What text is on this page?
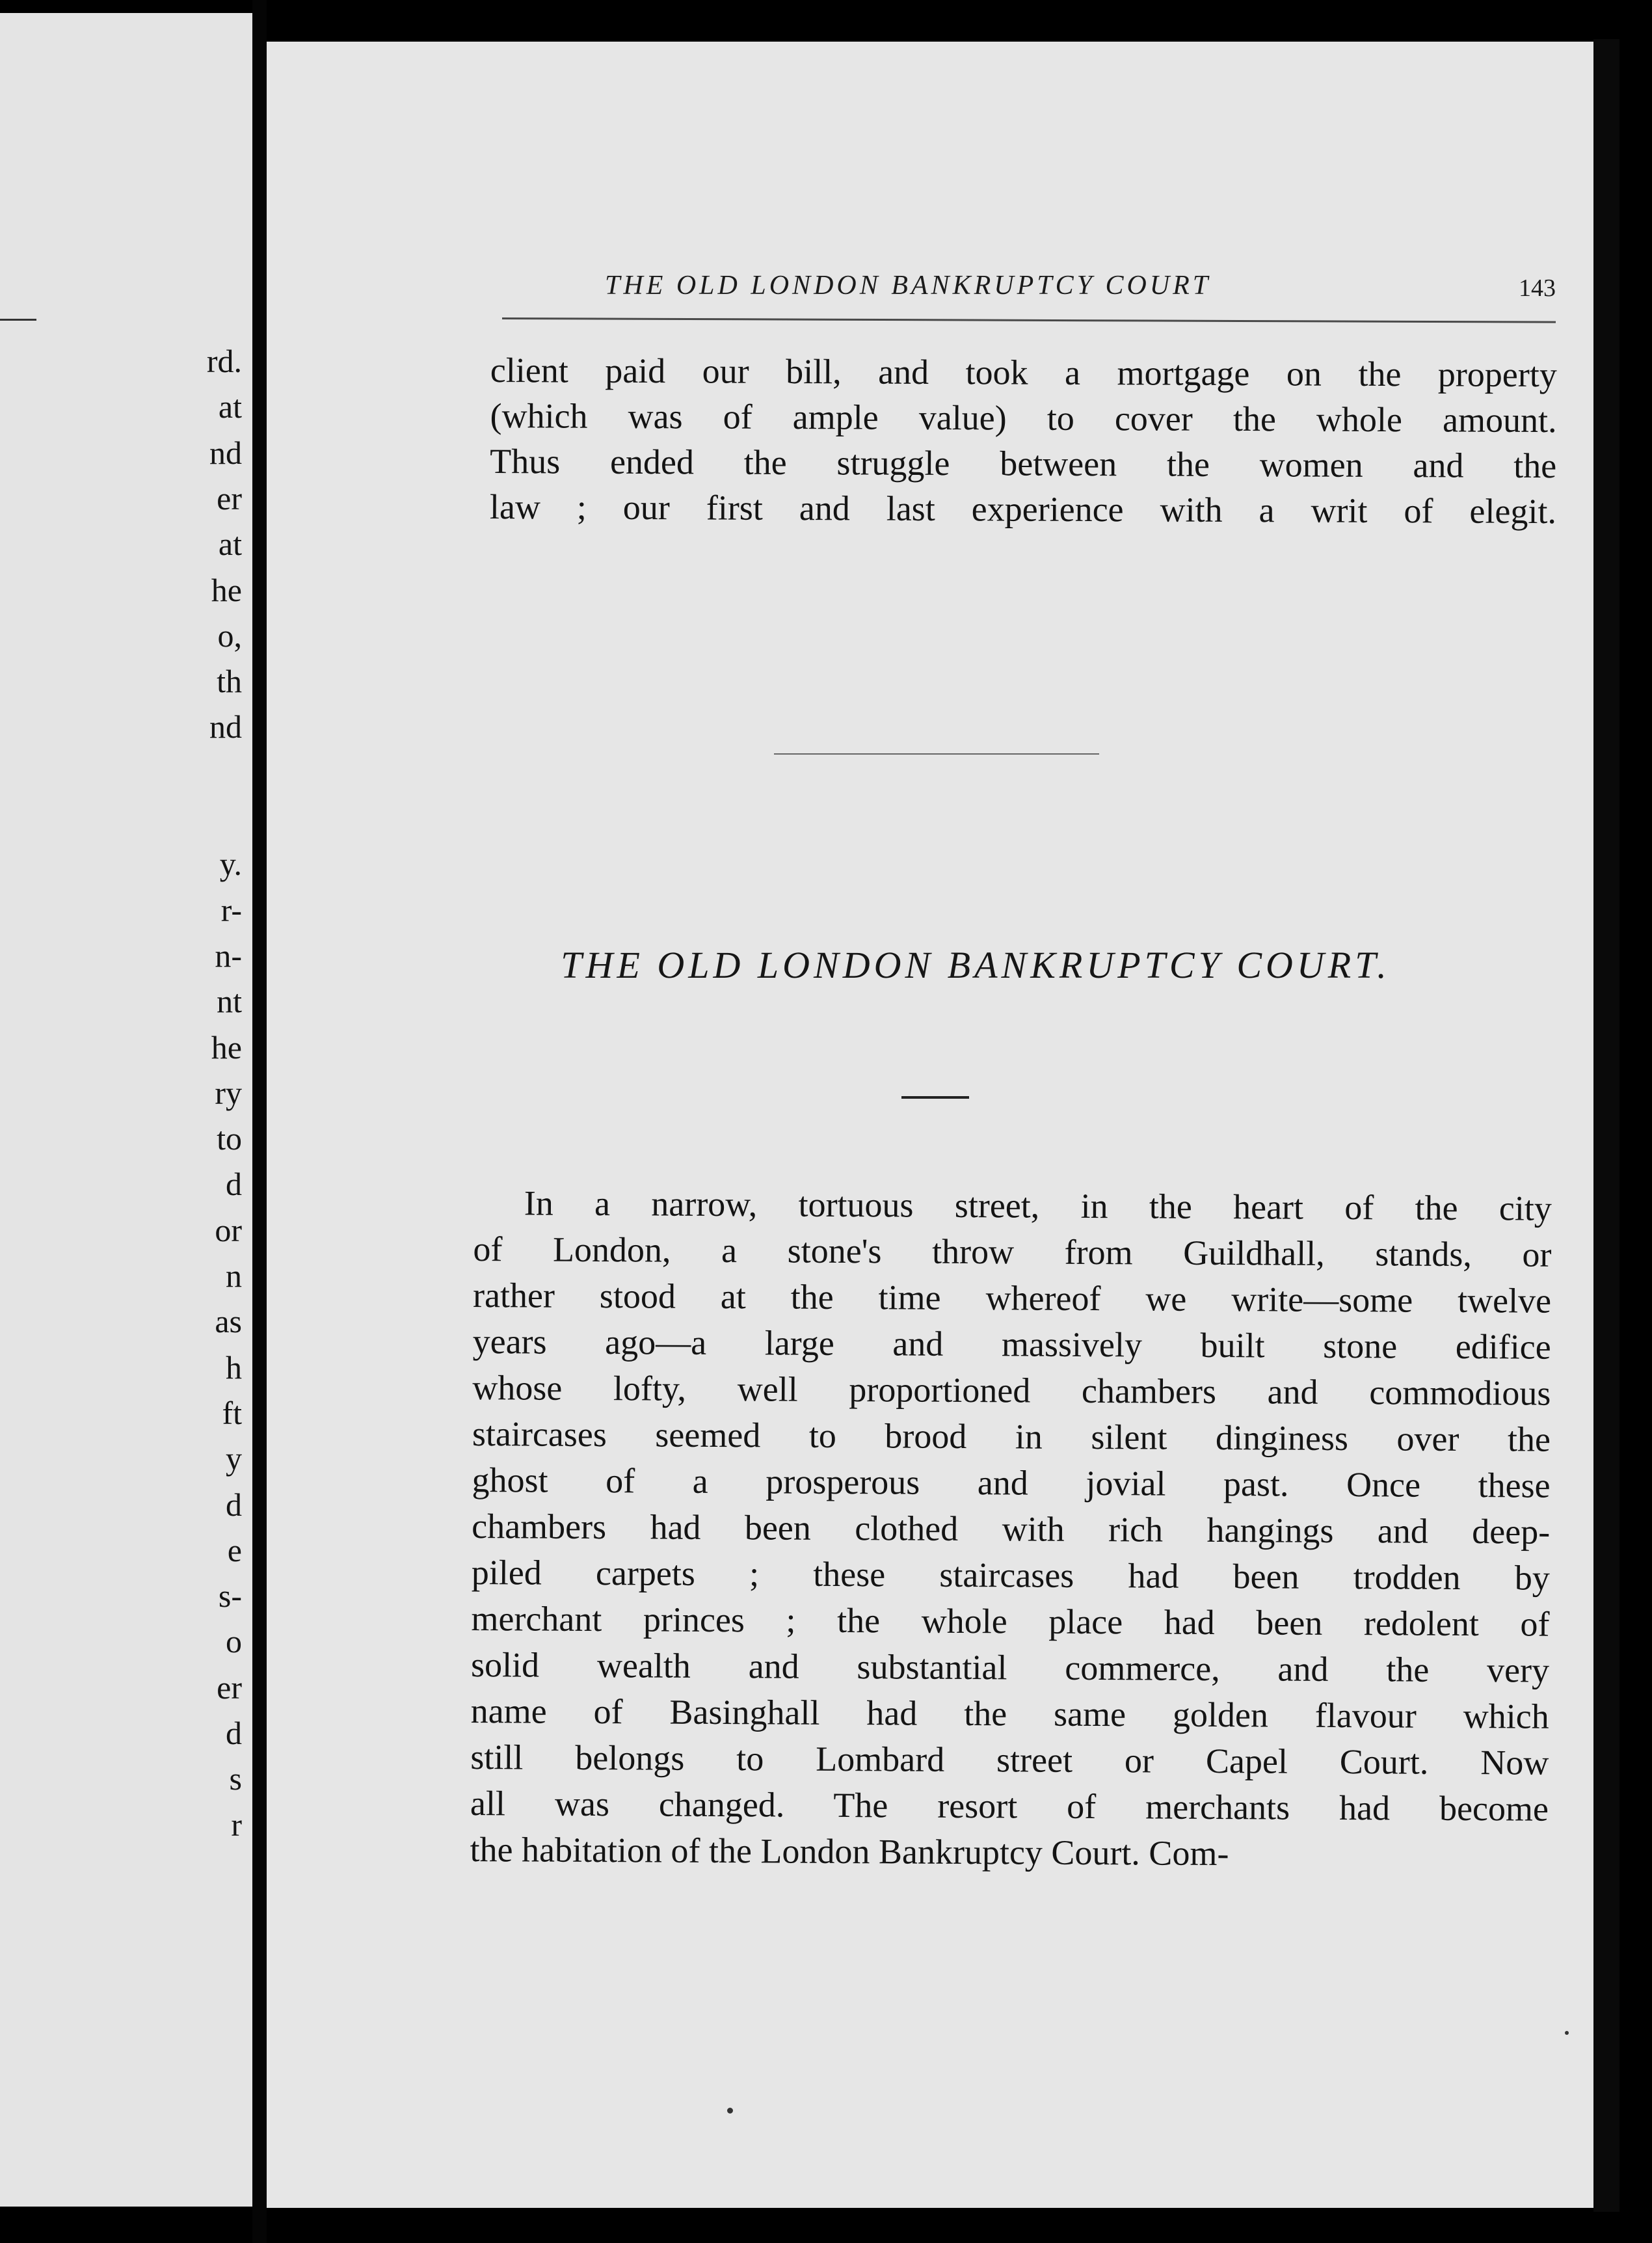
rd.

at

nd

er

at

he

o,

th

nd

y.

r-

n-

nt

he

ry

to

d

or

n

as

h

ft

y

d

e

s-

o

er

d

s

r

THE OLD LONDON BANKRUPTCY COURT	143

client paid our bill, and took a mortgage on the property
(which was of ample value) to cover the whole amount.
Thus ended the struggle between the women and the
law ; our first and last experience with a writ of elegit.

THE OLD LONDON BANKRUPTCY COURT.

In a narrow, tortuous street, in the heart of the city
of London, a stone's throw from Guildhall, stands, or
rather stood at the time whereof we write—some twelve
years ago—a large and massively built stone edifice
whose lofty, well proportioned chambers and commodious
staircases seemed to brood in silent dinginess over the
ghost of a prosperous and jovial past. Once these
chambers had been clothed with rich hangings and deep-
piled carpets ; these staircases had been trodden by
merchant princes ; the whole place had been redolent of
solid wealth and substantial commerce, and the very
name of Basinghall had the same golden flavour which
still belongs to Lombard street or Capel Court. Now
all was changed. The resort of merchants had become
the habitation of the London Bankruptcy Court. Com-
